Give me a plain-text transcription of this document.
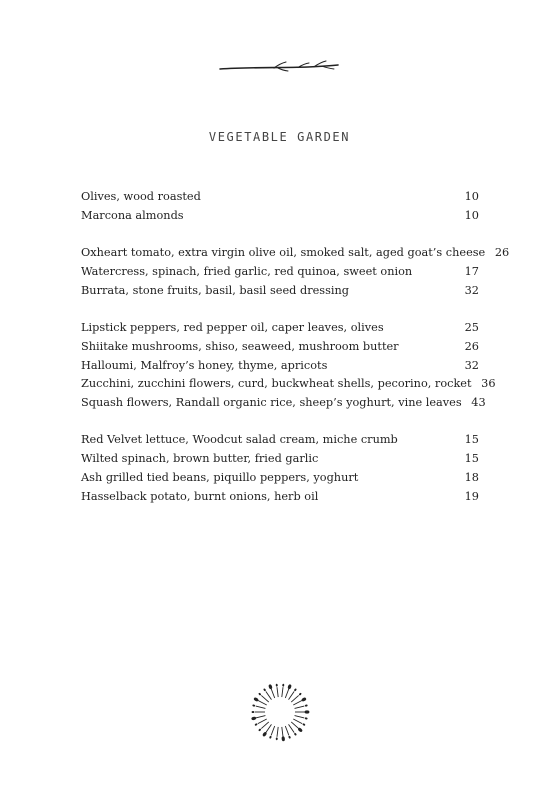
VEGETABLE GARDEN
Olives, wood roasted	10
Marcona almonds	10
Oxheart tomato, extra virgin olive oil, smoked salt, aged goat’s cheese 26
Watercress, spinach, fried garlic, red quinoa, sweet onion	17
Burrata, stone fruits, basil, basil seed dressing	32
Lipstick peppers, red pepper oil, caper leaves, olives	25
Shiitake mushrooms, shiso, seaweed, mushroom butter	26
Halloumi, Malfroy’s honey, thyme, apricots	32
Zucchini, zucchini flowers, curd, buckwheat shells, pecorino, rocket 36
Squash flowers, Randall organic rice, sheep’s yoghurt, vine leaves 43
Red Velvet lettuce, Woodcut salad cream, miche crumb	15
Wilted spinach, brown butter, fried garlic	15
Ash grilled tied beans, piquillo peppers, yoghurt	18
Hasselback potato, burnt onions, herb oil	19
